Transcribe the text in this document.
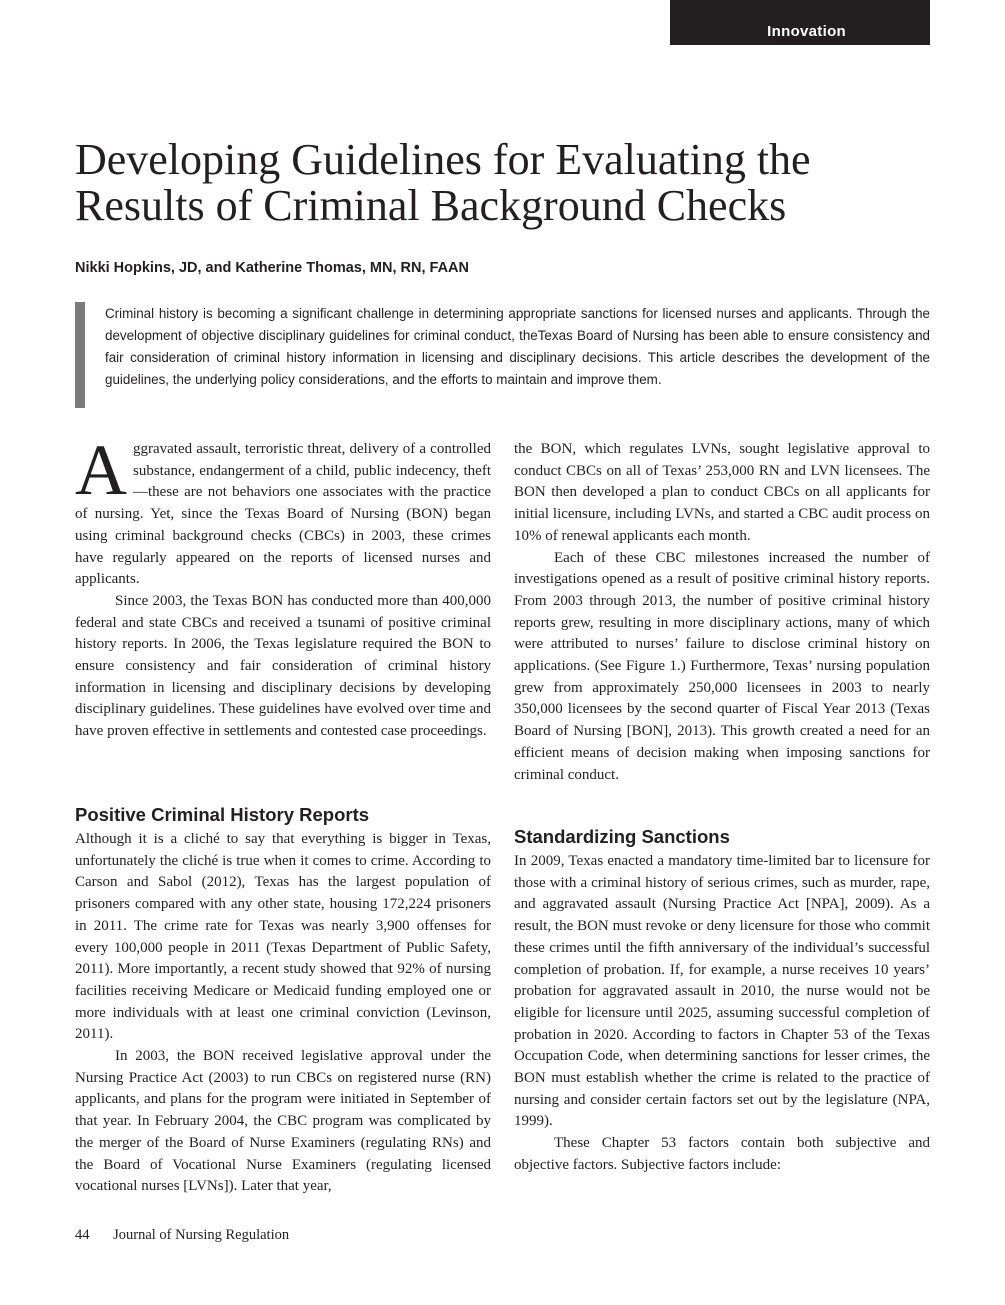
Innovation
Developing Guidelines for Evaluating the Results of Criminal Background Checks
Nikki Hopkins, JD, and Katherine Thomas, MN, RN, FAAN

Criminal history is becoming a significant challenge in determining appropriate sanctions for licensed nurses and applicants. Through the development of objective disciplinary guidelines for criminal conduct, theTexas Board of Nursing has been able to ensure consistency and fair consideration of criminal history information in licensing and disciplinary decisions. This article describes the development of the guidelines, the underlying policy considerations, and the efforts to maintain and improve them.

Aggravated assault, terroristic threat, delivery of a controlled substance, endangerment of a child, public indecency, theft—these are not behaviors one associates with the practice of nursing. Yet, since the Texas Board of Nursing (BON) began using criminal background checks (CBCs) in 2003, these crimes have regularly appeared on the reports of licensed nurses and applicants.

Since 2003, the Texas BON has conducted more than 400,000 federal and state CBCs and received a tsunami of positive criminal history reports. In 2006, the Texas legislature required the BON to ensure consistency and fair consideration of criminal history information in licensing and disciplinary decisions by developing disciplinary guidelines. These guidelines have evolved over time and have proven effective in settlements and contested case proceedings.

Positive Criminal History Reports

Although it is a cliché to say that everything is bigger in Texas, unfortunately the cliché is true when it comes to crime. According to Carson and Sabol (2012), Texas has the largest population of prisoners compared with any other state, housing 172,224 prisoners in 2011. The crime rate for Texas was nearly 3,900 offenses for every 100,000 people in 2011 (Texas Department of Public Safety, 2011). More importantly, a recent study showed that 92% of nursing facilities receiving Medicare or Medicaid funding employed one or more individuals with at least one criminal conviction (Levinson, 2011).

In 2003, the BON received legislative approval under the Nursing Practice Act (2003) to run CBCs on registered nurse (RN) applicants, and plans for the program were initiated in September of that year. In February 2004, the CBC program was complicated by the merger of the Board of Nurse Examiners (regulating RNs) and the Board of Vocational Nurse Examiners (regulating licensed vocational nurses [LVNs]). Later that year,

the BON, which regulates LVNs, sought legislative approval to conduct CBCs on all of Texas’ 253,000 RN and LVN licensees. The BON then developed a plan to conduct CBCs on all applicants for initial licensure, including LVNs, and started a CBC audit process on 10% of renewal applicants each month.

Each of these CBC milestones increased the number of investigations opened as a result of positive criminal history reports. From 2003 through 2013, the number of positive criminal history reports grew, resulting in more disciplinary actions, many of which were attributed to nurses’ failure to disclose criminal history on applications. (See Figure 1.) Furthermore, Texas’ nursing population grew from approximately 250,000 licensees in 2003 to nearly 350,000 licensees by the second quarter of Fiscal Year 2013 (Texas Board of Nursing [BON], 2013). This growth created a need for an efficient means of decision making when imposing sanctions for criminal conduct.

Standardizing Sanctions

In 2009, Texas enacted a mandatory time-limited bar to licensure for those with a criminal history of serious crimes, such as murder, rape, and aggravated assault (Nursing Practice Act [NPA], 2009). As a result, the BON must revoke or deny licensure for those who commit these crimes until the fifth anniversary of the individual’s successful completion of probation. If, for example, a nurse receives 10 years’ probation for aggravated assault in 2010, the nurse would not be eligible for licensure until 2025, assuming successful completion of probation in 2020. According to factors in Chapter 53 of the Texas Occupation Code, when determining sanctions for lesser crimes, the BON must establish whether the crime is related to the practice of nursing and consider certain factors set out by the legislature (NPA, 1999).

These Chapter 53 factors contain both subjective and objective factors. Subjective factors include:

44 Journal of Nursing Regulation
